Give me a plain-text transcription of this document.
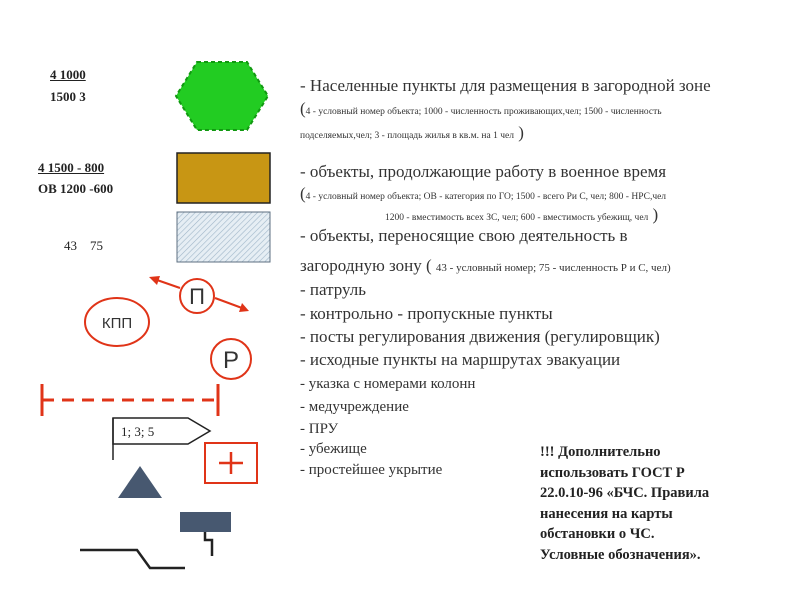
4 1000
1500 3
4 1500 - 800
ОВ 1200 -600
43    75
П
КПП
Р
1; 3; 5
- Населенные пункты для размещения в загородной зоне
(4 - условный номер объекта; 1000 - численность проживающих,чел; 1500 - численность
подселяемых,чел; 3 - площадь жилья в кв.м. на 1 чел )
- объекты, продолжающие работу в военное время
(4 - условный номер объекта; ОВ - категория по ГО; 1500 - всего Ри С, чел; 800 - НРС,чел
1200 - вместимость всех ЗС, чел; 600 - вместимость убежищ, чел )
- объекты, переносящие свою деятельность в
загородную зону ( 43 - условный номер; 75 - численность Р и С, чел)
- патруль
- контрольно - пропускные пункты
- посты регулирования движения (регулировщик)
- исходные пункты на маршрутах эвакуации
- указка с номерами колонн
- медучреждение
- ПРУ
- убежище
- простейшее укрытие
!!! Дополнительно
использовать ГОСТ Р
22.0.10-96 «БЧС. Правила
нанесения на карты
обстановки о ЧС.
Условные обозначения».
